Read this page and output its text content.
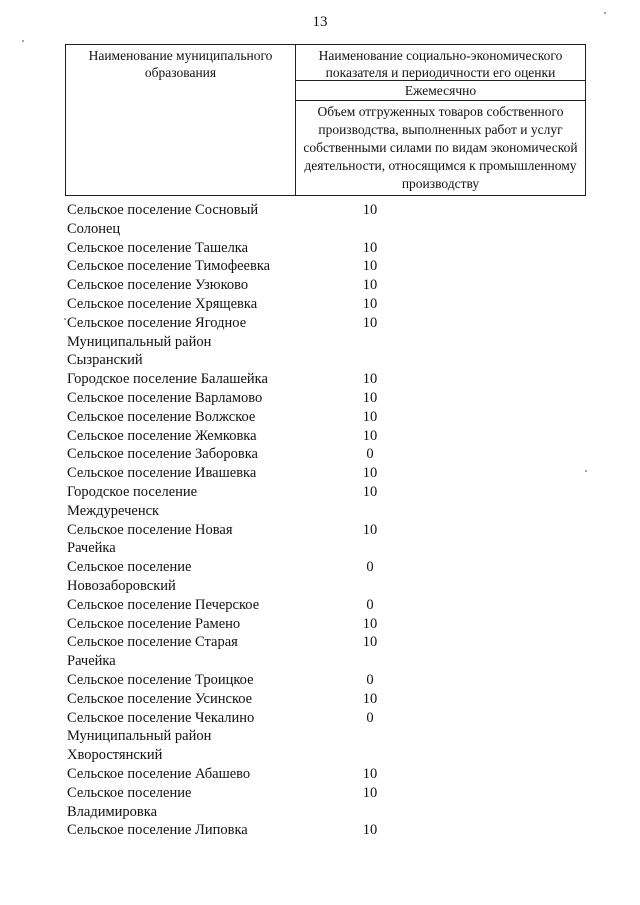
13
Наименование муниципального образования
Наименование социально-экономического показателя и периодичности его оценки
Ежемесячно
Объем отгруженных товаров собственного производства, выполненных работ и услуг собственными силами по видам экономической деятельности, относящимся к промышленному производству
Сельское поселение Сосновый	10
Солонец
Сельское поселение Ташелка	10
Сельское поселение Тимофеевка	10
Сельское поселение Узюково	10
Сельское поселение Хрящевка	10
Сельское поселение Ягодное	10
Муниципальный район
Сызранский
Городское поселение Балашейка	10
Сельское поселение Варламово	10
Сельское поселение Волжское	10
Сельское поселение Жемковка	10
Сельское поселение Заборовка	0
Сельское поселение Ивашевка	10
Городское поселение	10
Междуреченск
Сельское поселение Новая	10
Рачейка
Сельское поселение	0
Новозаборовский
Сельское поселение Печерское	0
Сельское поселение Рамено	10
Сельское поселение Старая	10
Рачейка
Сельское поселение Троицкое	0
Сельское поселение Усинское	10
Сельское поселение Чекалино	0
Муниципальный район
Хворостянский
Сельское поселение Абашево	10
Сельское поселение	10
Владимировка
Сельское поселение Липовка	10
